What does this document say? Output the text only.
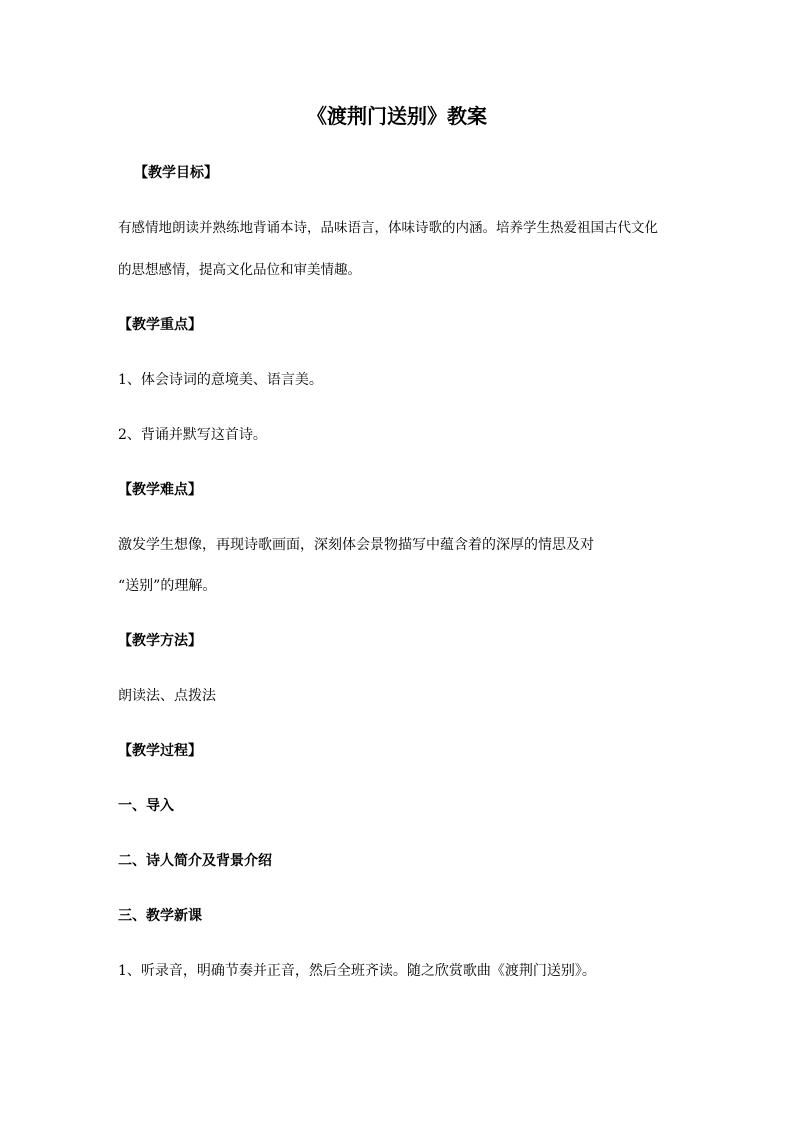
《渡荆门送别》教案
【教学目标】
有感情地朗读并熟练地背诵本诗，品味语言，体味诗歌的内涵。培养学生热爱祖国古代文化
的思想感情，提高文化品位和审美情趣。
【教学重点】
1、体会诗词的意境美、语言美。
2、背诵并默写这首诗。
【教学难点】
激发学生想像，再现诗歌画面，深刻体会景物描写中蕴含着的深厚的情思及对
“送别”的理解。
【教学方法】
朗读法、点拨法
【教学过程】
一、导入
二、诗人简介及背景介绍
三、教学新课
1、听录音，明确节奏并正音，然后全班齐读。随之欣赏歌曲《渡荆门送别》。
